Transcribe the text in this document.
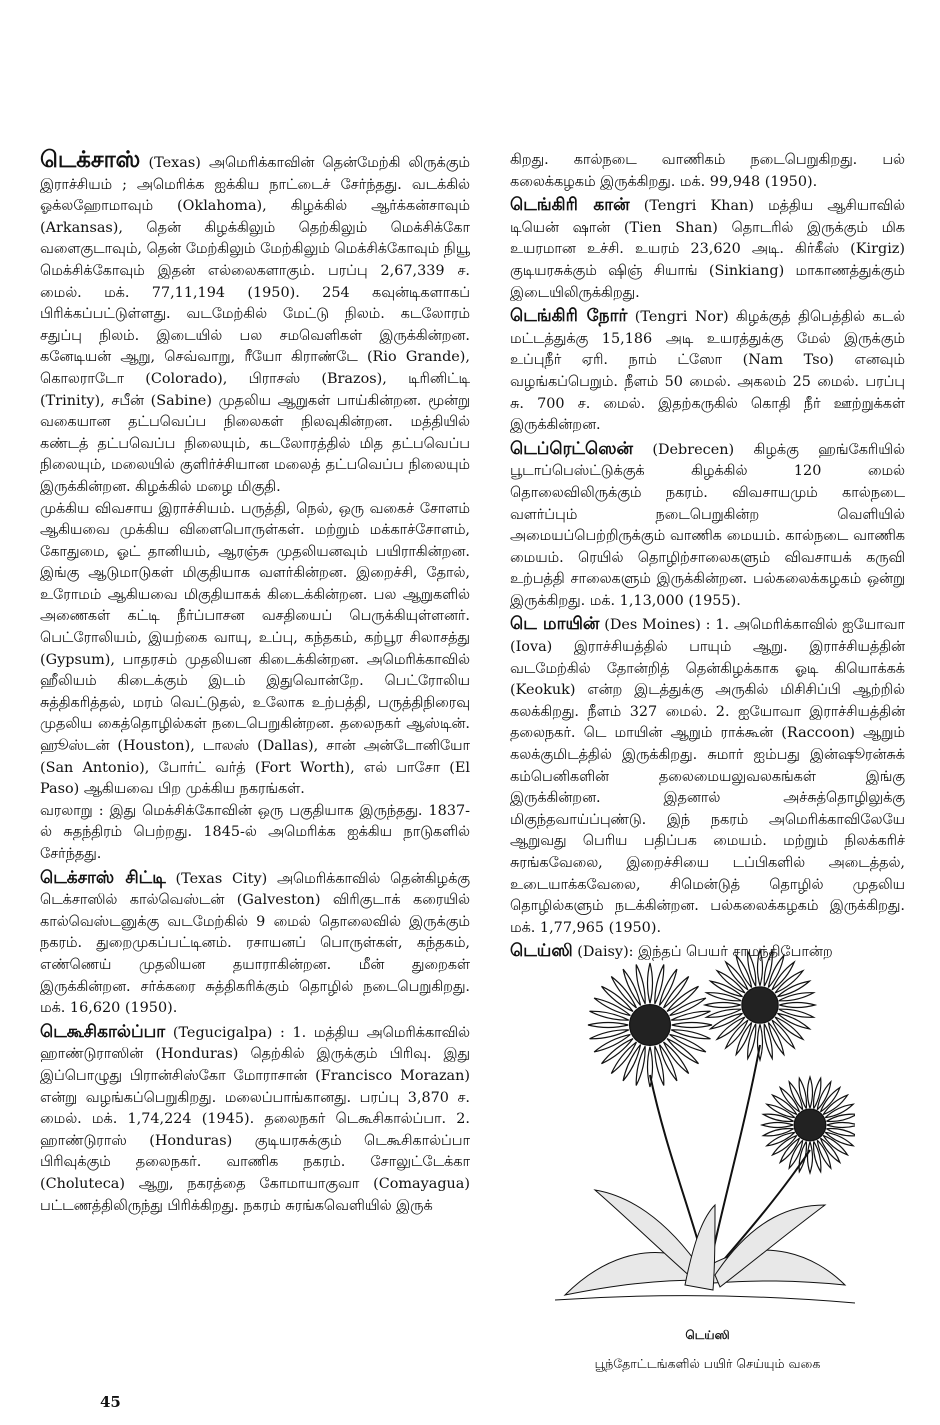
டெக்சாஸ் (Texas) அமெரிக்காவின் தென்மேற்கி லிருக்கும் இராச்சியம் ; அமெரிக்க ஐக்கிய நாட்டைச் சேர்ந்தது. வடக்கில் ஓக்லஹோமாவும் (Oklahoma), கிழக்கில் ஆர்க்கன்சாவும் (Arkansas), தென் கிழக்கிலும் தெற்கிலும் மெக்சிக்கோ வளைகுடாவும், தென் மேற்கிலும் மேற்கிலும் மெக்சிக்கோவும் நியூ மெக்சிக்கோவும் இதன் எல்லைகளாகும். பரப்பு 2,67,339 ச. மைல். மக். 77,11,194 (1950). 254 கவுன்டிகளாகப் பிரிக்கப்பட்டுள்ளது. வடமேற்கில் மேட்டு நிலம். கடலோரம் சதுப்பு நிலம். இடையில் பல சமவெளிகள் இருக்கின்றன. கனேடியன் ஆறு, செவ்வாறு, ரீயோ கிராண்டே (Rio Grande), கொலராடோ (Colorado), பிராசஸ் (Brazos), டிரினிட்டி (Trinity), சபீன் (Sabine) முதலிய ஆறுகள் பாய்கின்றன. மூன்று வகையான தட்பவெப்ப நிலைகள் நிலவுகின்றன. மத்தியில் கண்டத் தட்பவெப்ப நிலையும், கடலோரத்தில் மித தட்பவெப்ப நிலையும், மலையில் குளிர்ச்சியான மலைத் தட்பவெப்ப நிலையும் இருக்கின்றன. கிழக்கில் மழை மிகுதி.

முக்கிய விவசாய இராச்சியம். பருத்தி, நெல், ஒரு வகைச் சோளம் ஆகியவை முக்கிய விளைபொருள்கள். மற்றும் மக்காச்சோளம், கோதுமை, ஓட் தானியம், ஆரஞ்சு முதலியனவும் பயிராகின்றன. இங்கு ஆடுமாடுகள் மிகுதியாக வளர்கின்றன. இறைச்சி, தோல், உரோமம் ஆகியவை மிகுதியாகக் கிடைக்கின்றன. பல ஆறுகளில் அணைகள் கட்டி நீர்ப்பாசன வசதியைப் பெருக்கியுள்ளனர். பெட்ரோலியம், இயற்கை வாயு, உப்பு, கந்தகம், கற்பூர சிலாசத்து (Gypsum), பாதரசம் முதலியன கிடைக்கின்றன. அமெரிக்காவில் ஹீலியம் கிடைக்கும் இடம் இதுவொன்றே. பெட்ரோலிய சுத்திகரித்தல், மரம் வெட்டுதல், உலோக உற்பத்தி, பருத்திநிரைவு முதலிய கைத்தொழில்கள் நடைபெறுகின்றன. தலைநகர் ஆஸ்டின். ஹூஸ்டன் (Houston), டாலஸ் (Dallas), சான் அன்டோனியோ (San Antonio), போர்ட் வர்த் (Fort Worth), எல் பாசோ (El Paso) ஆகியவை பிற முக்கிய நகரங்கள்.

வரலாறு : இது மெக்சிக்கோவின் ஒரு பகுதியாக இருந்தது. 1837-ல் சுதந்திரம் பெற்றது. 1845-ல் அமெரிக்க ஐக்கிய நாடுகளில் சேர்ந்தது.

டெக்சாஸ் சிட்டி (Texas City) அமெரிக்காவில் தென்கிழக்கு டெக்சாஸில் கால்வெஸ்டன் (Galveston) விரிகுடாக் கரையில் கால்வெஸ்டனுக்கு வடமேற்கில் 9 மைல் தொலைவில் இருக்கும் நகரம். துறைமுகப்பட்டினம். ரசாயனப் பொருள்கள், கந்தகம், எண்ணெய் முதலியன தயாராகின்றன. மீன் துறைகள் இருக்கின்றன. சர்க்கரை சுத்திகரிக்கும் தொழில் நடைபெறுகிறது. மக். 16,620 (1950).

டெகூசிகால்ப்பா (Tegucigalpa) : 1. மத்திய அமெரிக்காவில் ஹாண்டுராஸின் (Honduras) தெற்கில் இருக்கும் பிரிவு. இது இப்பொழுது பிரான்சிஸ்கோ மோராசான் (Francisco Morazan) என்று வழங்கப்பெறுகிறது. மலைப்பாங்கானது. பரப்பு 3,870 ச. மைல். மக். 1,74,224 (1945). தலைநகர் டெகூசிகால்ப்பா. 2. ஹாண்டுராஸ் (Honduras) குடியரசுக்கும் டெகூசிகால்ப்பா பிரிவுக்கும் தலைநகர். வாணிக நகரம். சோலுட்டேக்கா (Choluteca) ஆறு, நகரத்தை கோமாயாகுவா (Comayagua) பட்டணத்திலிருந்து பிரிக்கிறது. நகரம் சுரங்கவெளியில் இருக்

கிறது. கால்நடை வாணிகம் நடைபெறுகிறது. பல் கலைக்கழகம் இருக்கிறது. மக். 99,948 (1950).

டெங்கிரி கான் (Tengri Khan) மத்திய ஆசியாவில் டியென் ஷான் (Tien Shan) தொடரில் இருக்கும் மிக உயரமான உச்சி. உயரம் 23,620 அடி. கிர்கீஸ் (Kirgiz) குடியரசுக்கும் ஷிஞ் சியாங் (Sinkiang) மாகாணத்துக்கும் இடையிலிருக்கிறது.

டெங்கிரி நோர் (Tengri Nor) கிழக்குத் திபெத்தில் கடல் மட்டத்துக்கு 15,186 அடி உயரத்துக்கு மேல் இருக்கும் உப்புநீர் ஏரி. நாம் ட்ஸோ (Nam Tso) எனவும் வழங்கப்பெறும். நீளம் 50 மைல். அகலம் 25 மைல். பரப்பு சு. 700 ச. மைல். இதற்கருகில் கொதி நீர் ஊற்றுக்கள் இருக்கின்றன.

டெப்ரெட்ஸென் (Debrecen) கிழக்கு ஹங்கேரியில் பூடாப்பெஸ்ட்டுக்குக் கிழக்கில் 120 மைல் தொலைவிலிருக்கும் நகரம். விவசாயமும் கால்நடை வளர்ப்பும் நடைபெறுகின்ற வெளியில் அமையப்பெற்றிருக்கும் வாணிக மையம். கால்நடை வாணிக மையம். ரெயில் தொழிற்சாலைகளும் விவசாயக் கருவி உற்பத்தி சாலைகளும் இருக்கின்றன. பல்கலைக்கழகம் ஒன்று இருக்கிறது. மக். 1,13,000 (1955).

டெ மாயின் (Des Moines) : 1. அமெரிக்காவில் ஐயோவா (Iova) இராச்சியத்தில் பாயும் ஆறு. இராச்சியத்தின் வடமேற்கில் தோன்றித் தென்கிழக்காக ஓடி கியொக்கக் (Keokuk) என்ற இடத்துக்கு அருகில் மிசிசிப்பி ஆற்றில் கலக்கிறது. நீளம் 327 மைல். 2. ஐயோவா இராச்சியத்தின் தலைநகர். டெ மாயின் ஆறும் ராக்கூன் (Raccoon) ஆறும் கலக்குமிடத்தில் இருக்கிறது. சுமார் ஐம்பது இன்ஷூரன்சுக் கம்பெனிகளின் தலைமையலுவலகங்கள் இங்கு இருக்கின்றன. இதனால் அச்சுத்தொழிலுக்கு மிகுந்தவாய்ப்புண்டு. இந் நகரம் அமெரிக்காவிலேயே ஆறுவது பெரிய பதிப்பக மையம். மற்றும் நிலக்கரிச் சுரங்கவேலை, இறைச்சியை டப்பிகளில் அடைத்தல், உடையாக்கவேலை, சிமென்டுத் தொழில் முதலிய தொழில்களும் நடக்கின்றன. பல்கலைக்கழகம் இருக்கிறது. மக். 1,77,965 (1950).

டெய்ஸி (Daisy): இந்தப் பெயர் சாமந்திபோன்ற

டெய்ஸி
பூந்தோட்டங்களில் பயிர் செய்யும் வகை
45
